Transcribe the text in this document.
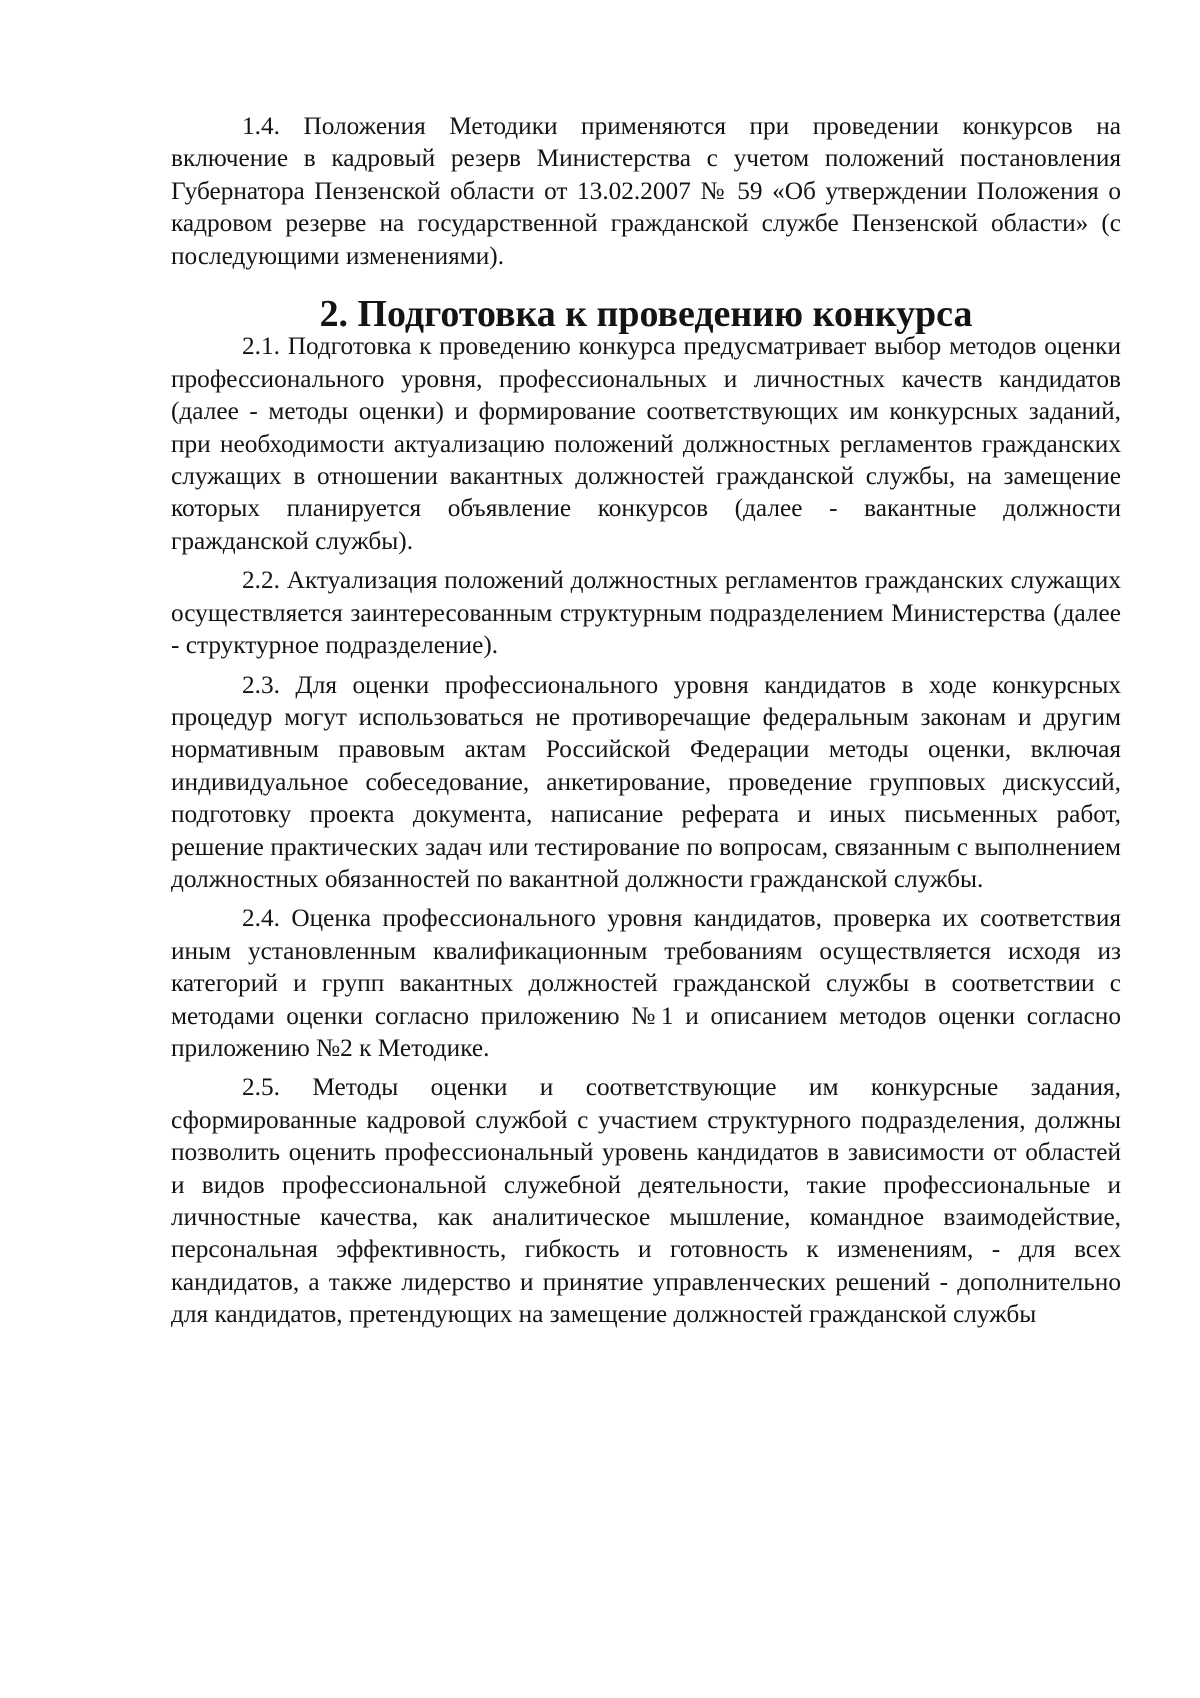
1.4. Положения Методики применяются при проведении конкурсов на включение в кадровый резерв Министерства с учетом положений постановления Губернатора Пензенской области от 13.02.2007 № 59 «Об утверждении Положения о кадровом резерве на государственной гражданской службе Пензенской области» (с последующими изменениями).

2. Подготовка к проведению конкурса

2.1. Подготовка к проведению конкурса предусматривает выбор методов оценки профессионального уровня, профессиональных и личностных качеств кандидатов (далее - методы оценки) и формирование соответствующих им конкурсных заданий, при необходимости актуализацию положений должностных регламентов гражданских служащих в отношении вакантных должностей гражданской службы, на замещение которых планируется объявление конкурсов (далее - вакантные должности гражданской службы).

2.2. Актуализация положений должностных регламентов гражданских служащих осуществляется заинтересованным структурным подразделением Министерства (далее - структурное подразделение).

2.3. Для оценки профессионального уровня кандидатов в ходе конкурсных процедур могут использоваться не противоречащие федеральным законам и другим нормативным правовым актам Российской Федерации методы оценки, включая индивидуальное собеседование, анкетирование, проведение групповых дискуссий, подготовку проекта документа, написание реферата и иных письменных работ, решение практических задач или тестирование по вопросам, связанным с выполнением должностных обязанностей по вакантной должности гражданской службы.

2.4. Оценка профессионального уровня кандидатов, проверка их соответствия иным установленным квалификационным требованиям осуществляется исходя из категорий и групп вакантных должностей гражданской службы в соответствии с методами оценки согласно приложению №1 и описанием методов оценки согласно приложению №2 к Методике.

2.5. Методы оценки и соответствующие им конкурсные задания, сформированные кадровой службой с участием структурного подразделения, должны позволить оценить профессиональный уровень кандидатов в зависимости от областей и видов профессиональной служебной деятельности, такие профессиональные и личностные качества, как аналитическое мышление, командное взаимодействие, персональная эффективность, гибкость и готовность к изменениям, - для всех кандидатов, а также лидерство и принятие управленческих решений - дополнительно для кандидатов, претендующих на замещение должностей гражданской службы
